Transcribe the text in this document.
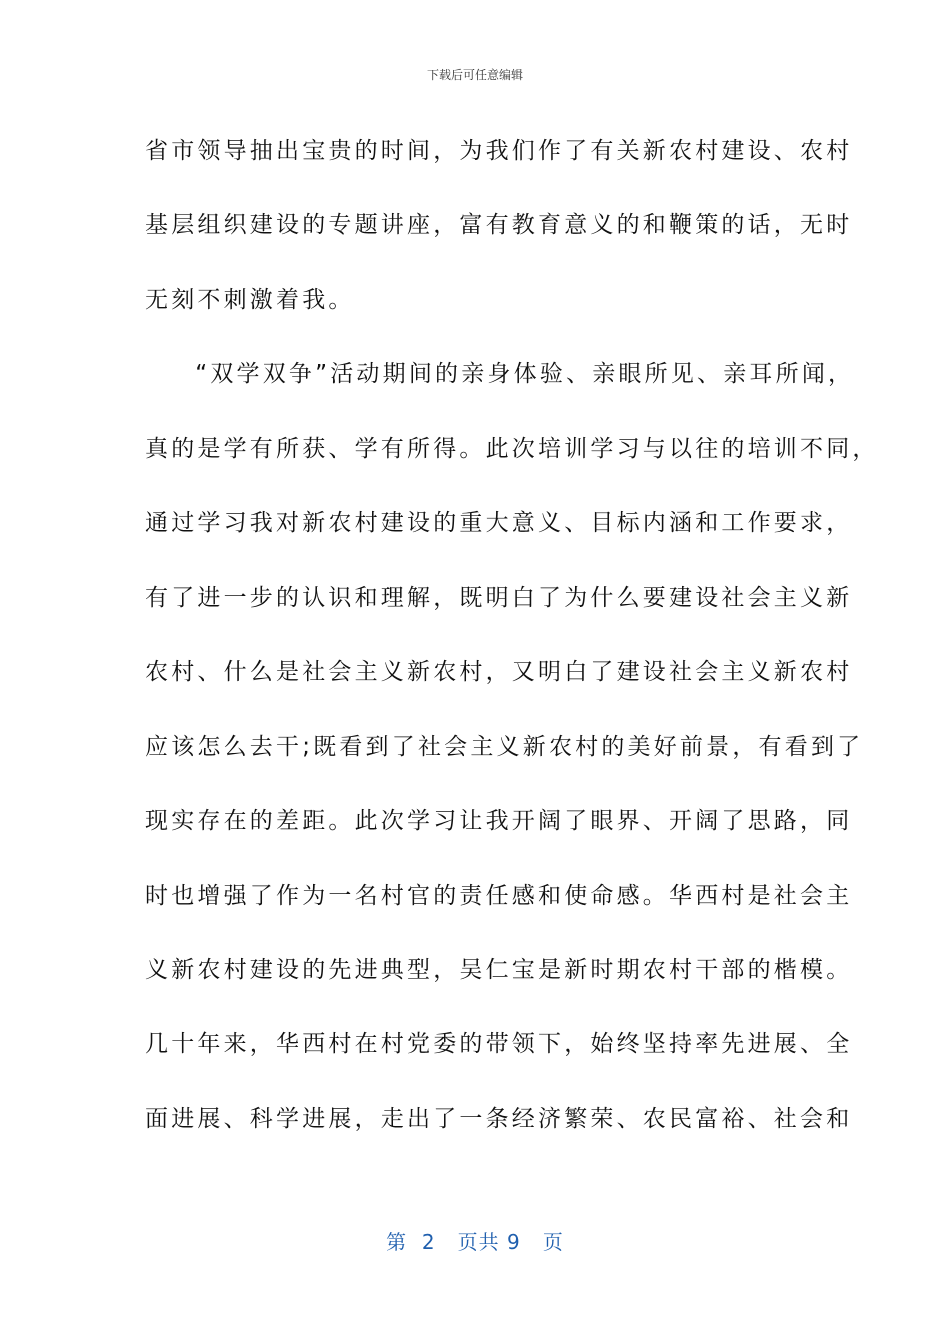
下载后可任意编辑
省市领导抽出宝贵的时间，为我们作了有关新农村建设、农村
基层组织建设的专题讲座，富有教育意义的和鞭策的话，无时
无刻不刺激着我。
　“双学双争”活动期间的亲身体验、亲眼所见、亲耳所闻，
真的是学有所获、学有所得。此次培训学习与以往的培训不同，
通过学习我对新农村建设的重大意义、目标内涵和工作要求，
有了进一步的认识和理解，既明白了为什么要建设社会主义新
农村、什么是社会主义新农村，又明白了建设社会主义新农村
应该怎么去干;既看到了社会主义新农村的美好前景，有看到了
现实存在的差距。此次学习让我开阔了眼界、开阔了思路，同
时也增强了作为一名村官的责任感和使命感。华西村是社会主
义新农村建设的先进典型，吴仁宝是新时期农村干部的楷模。
几十年来，华西村在村党委的带领下，始终坚持率先进展、全
面进展、科学进展，走出了一条经济繁荣、农民富裕、社会和
第 2 页共 9 页
